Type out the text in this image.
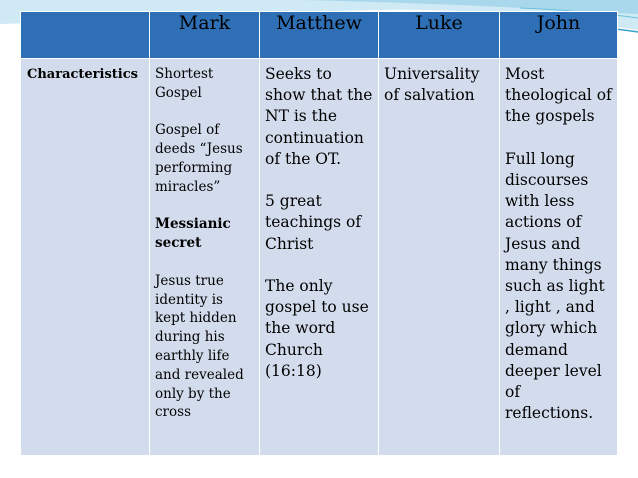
	Mark	Matthew	Luke	John
Characteristics	Shortest Gospel
Gospel of deeds “Jesus performing miracles”
Messianic secret
Jesus true identity is kept hidden during his earthly life and revealed only by the cross	Seeks to show that the NT is the continuation of the OT.
5 great teachings of Christ
The only gospel to use the word Church (16:18)	Universality of salvation	Most theological of the gospels
Full long discourses with less actions of Jesus and many things such as light , light , and glory which demand deeper level of reflections.
